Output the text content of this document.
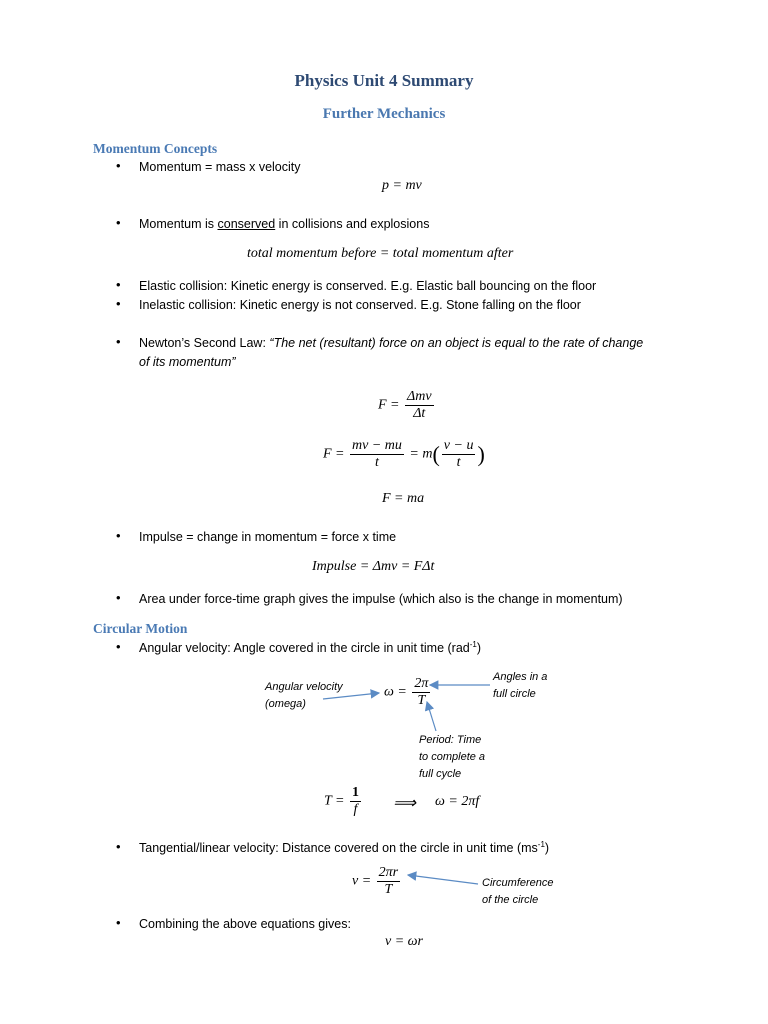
Physics Unit 4 Summary
Further Mechanics
Momentum Concepts
• Momentum = mass x velocity
p = mv
• Momentum is conserved in collisions and explosions
total momentum before = total momentum after
• Elastic collision: Kinetic energy is conserved. E.g. Elastic ball bouncing on the floor
• Inelastic collision: Kinetic energy is not conserved. E.g. Stone falling on the floor
• Newton’s Second Law: “The net (resultant) force on an object is equal to the rate of change
of its momentum”
$F = \frac{\text{Δmv}}{\Delta t}$
$F = \frac{mv - mu}{t} = m( \frac{v - u}{t}$ )
F = ma
• Impulse = change in momentum = force x time
Impulse = Δmv = FΔt
• Area under force-time graph gives the impulse (which also is the change in momentum)
Circular Motion
• Angular velocity: Angle covered in the circle in unit time (rad$^{-1}$)
$\omega = \frac{2\pi}{T}$
Angular velocity
(omega)
Angles in a
full circle
Period: Time
to complete a
full cycle
$T = \frac{1}{f}$ ⟹ ω = 2πf
• Tangential/linear velocity: Distance covered on the circle in unit time $(ms^{-1})$
$v = \frac{2\pi r}{T}$	Circumference
of the circle
• Combining the above equations gives:
v = ωr
